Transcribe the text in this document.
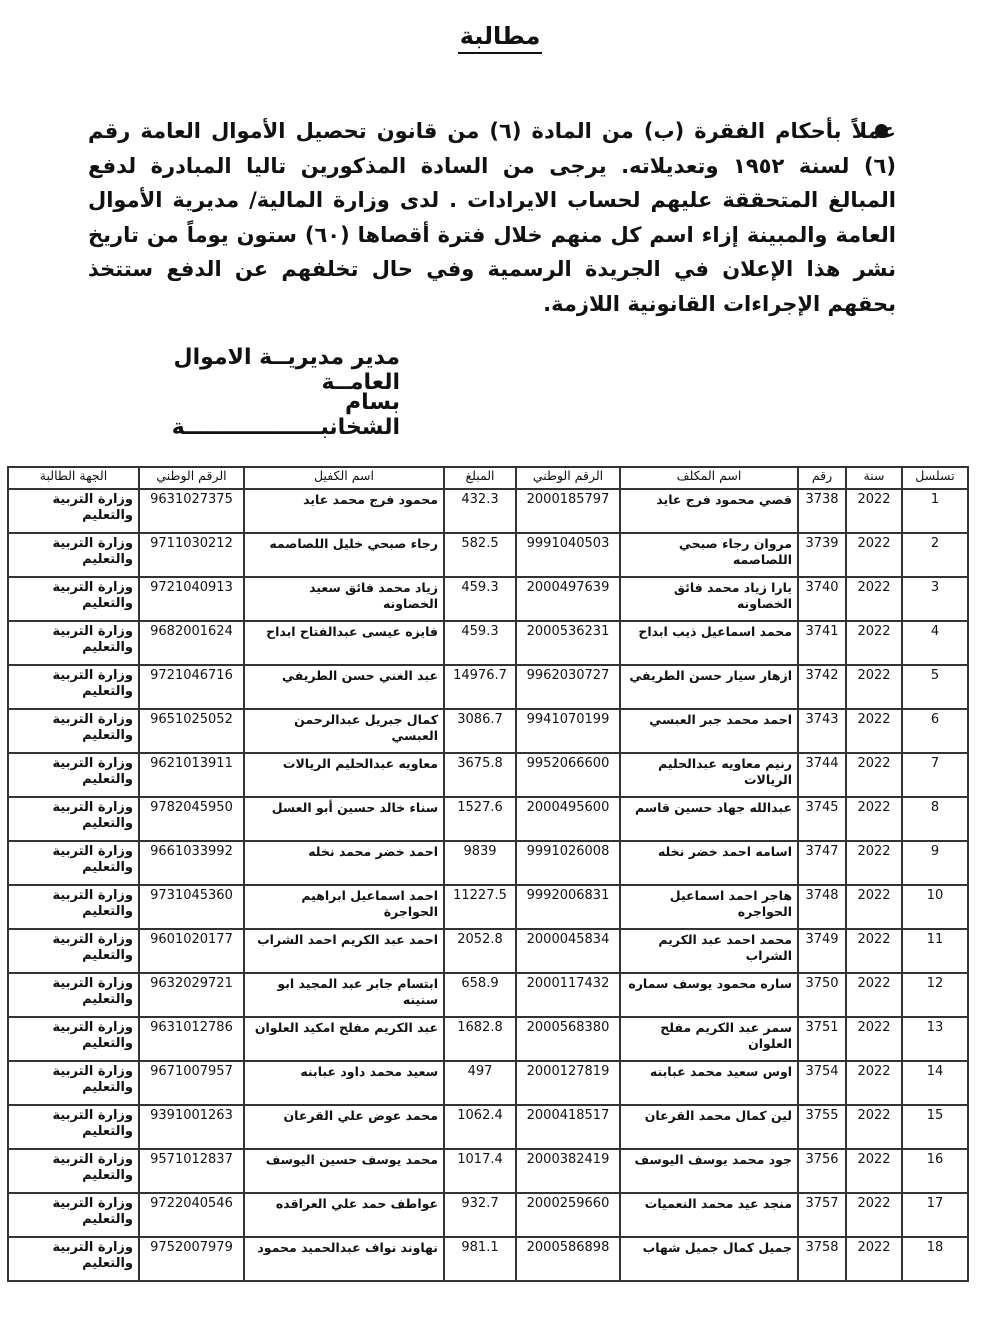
مطالبة
عملاً بأحكام الفقرة (ب) من المادة (٦) من قانون تحصيل الأموال العامة رقم (٦) لسنة ١٩٥٢ وتعديلاته. يرجى من السادة المذكورين تاليا المبادرة لدفع المبالغ المتحققة عليهم لحساب الايرادات . لدى وزارة المالية/ مديرية الأموال العامة والمبينة إزاء اسم كل منهم خلال فترة أقصاها (٦٠) ستون يوماً من تاريخ نشر هذا الإعلان في الجريدة الرسمية وفي حال تخلفهم عن الدفع ستتخذ بحقهم الإجراءات القانونية اللازمة.
مدير مديريــة الاموال العامــة
بسام الشخانبــــــــــــــــــة
تسلسل	سنة	رقم	اسم المكلف	الرقم الوطني	المبلغ	اسم الكفيل	الرقم الوطني	الجهة الطالبة
1	2022	3738	قصي محمود فرج عايد	2000185797	432.3	محمود فرج محمد عايد	9631027375	وزارة التربية والتعليم
2	2022	3739	مروان رجاء صبحي اللصاصمه	9991040503	582.5	رجاء صبحي خليل اللصاصمه	9711030212	وزارة التربية والتعليم
3	2022	3740	يارا زياد محمد فائق الخصاونه	2000497639	459.3	زياد محمد فائق سعيد الخصاونه	9721040913	وزارة التربية والتعليم
4	2022	3741	محمد اسماعيل ذيب ابداح	2000536231	459.3	فايزه عيسى عبدالفتاح ابداح	9682001624	وزارة التربية والتعليم
5	2022	3742	ازهار سيار حسن الطريفي	9962030727	14976.7	عبد الغني حسن الطريفي	9721046716	وزارة التربية والتعليم
6	2022	3743	احمد محمد جبر العبسي	9941070199	3086.7	كمال جبريل عبدالرحمن العبسي	9651025052	وزارة التربية والتعليم
7	2022	3744	رنيم معاويه عبدالحليم الريالات	9952066600	3675.8	معاويه عبدالحليم الريالات	9621013911	وزارة التربية والتعليم
8	2022	3745	عبدالله جهاد حسين قاسم	2000495600	1527.6	سناء خالد حسين أبو العسل	9782045950	وزارة التربية والتعليم
9	2022	3747	اسامه احمد خضر نخله	9991026008	9839	احمد خضر محمد نخله	9661033992	وزارة التربية والتعليم
10	2022	3748	هاجر احمد اسماعيل الحواجره	9992006831	11227.5	احمد اسماعيل ابراهيم الحواجرة	9731045360	وزارة التربية والتعليم
11	2022	3749	محمد احمد عبد الكريم الشراب	2000045834	2052.8	احمد عبد الكريم احمد الشراب	9601020177	وزارة التربية والتعليم
12	2022	3750	ساره محمود يوسف سماره	2000117432	658.9	ابتسام جابر عبد المجيد ابو سنينه	9632029721	وزارة التربية والتعليم
13	2022	3751	سمر عبد الكريم مفلح العلوان	2000568380	1682.8	عبد الكريم مفلح امكيد العلوان	9631012786	وزارة التربية والتعليم
14	2022	3754	اوس سعيد محمد عبابنه	2000127819	497	سعيد محمد داود عبابنه	9671007957	وزارة التربية والتعليم
15	2022	3755	لين كمال محمد القرعان	2000418517	1062.4	محمد عوض علي القرعان	9391001263	وزارة التربية والتعليم
16	2022	3756	جود محمد يوسف اليوسف	2000382419	1017.4	محمد يوسف حسين اليوسف	9571012837	وزارة التربية والتعليم
17	2022	3757	منجد عيد محمد النعميات	2000259660	932.7	عواطف حمد علي العراقده	9722040546	وزارة التربية والتعليم
18	2022	3758	جميل كمال جميل شهاب	2000586898	981.1	نهاوند نواف عبدالحميد محمود	9752007979	وزارة التربية والتعليم
